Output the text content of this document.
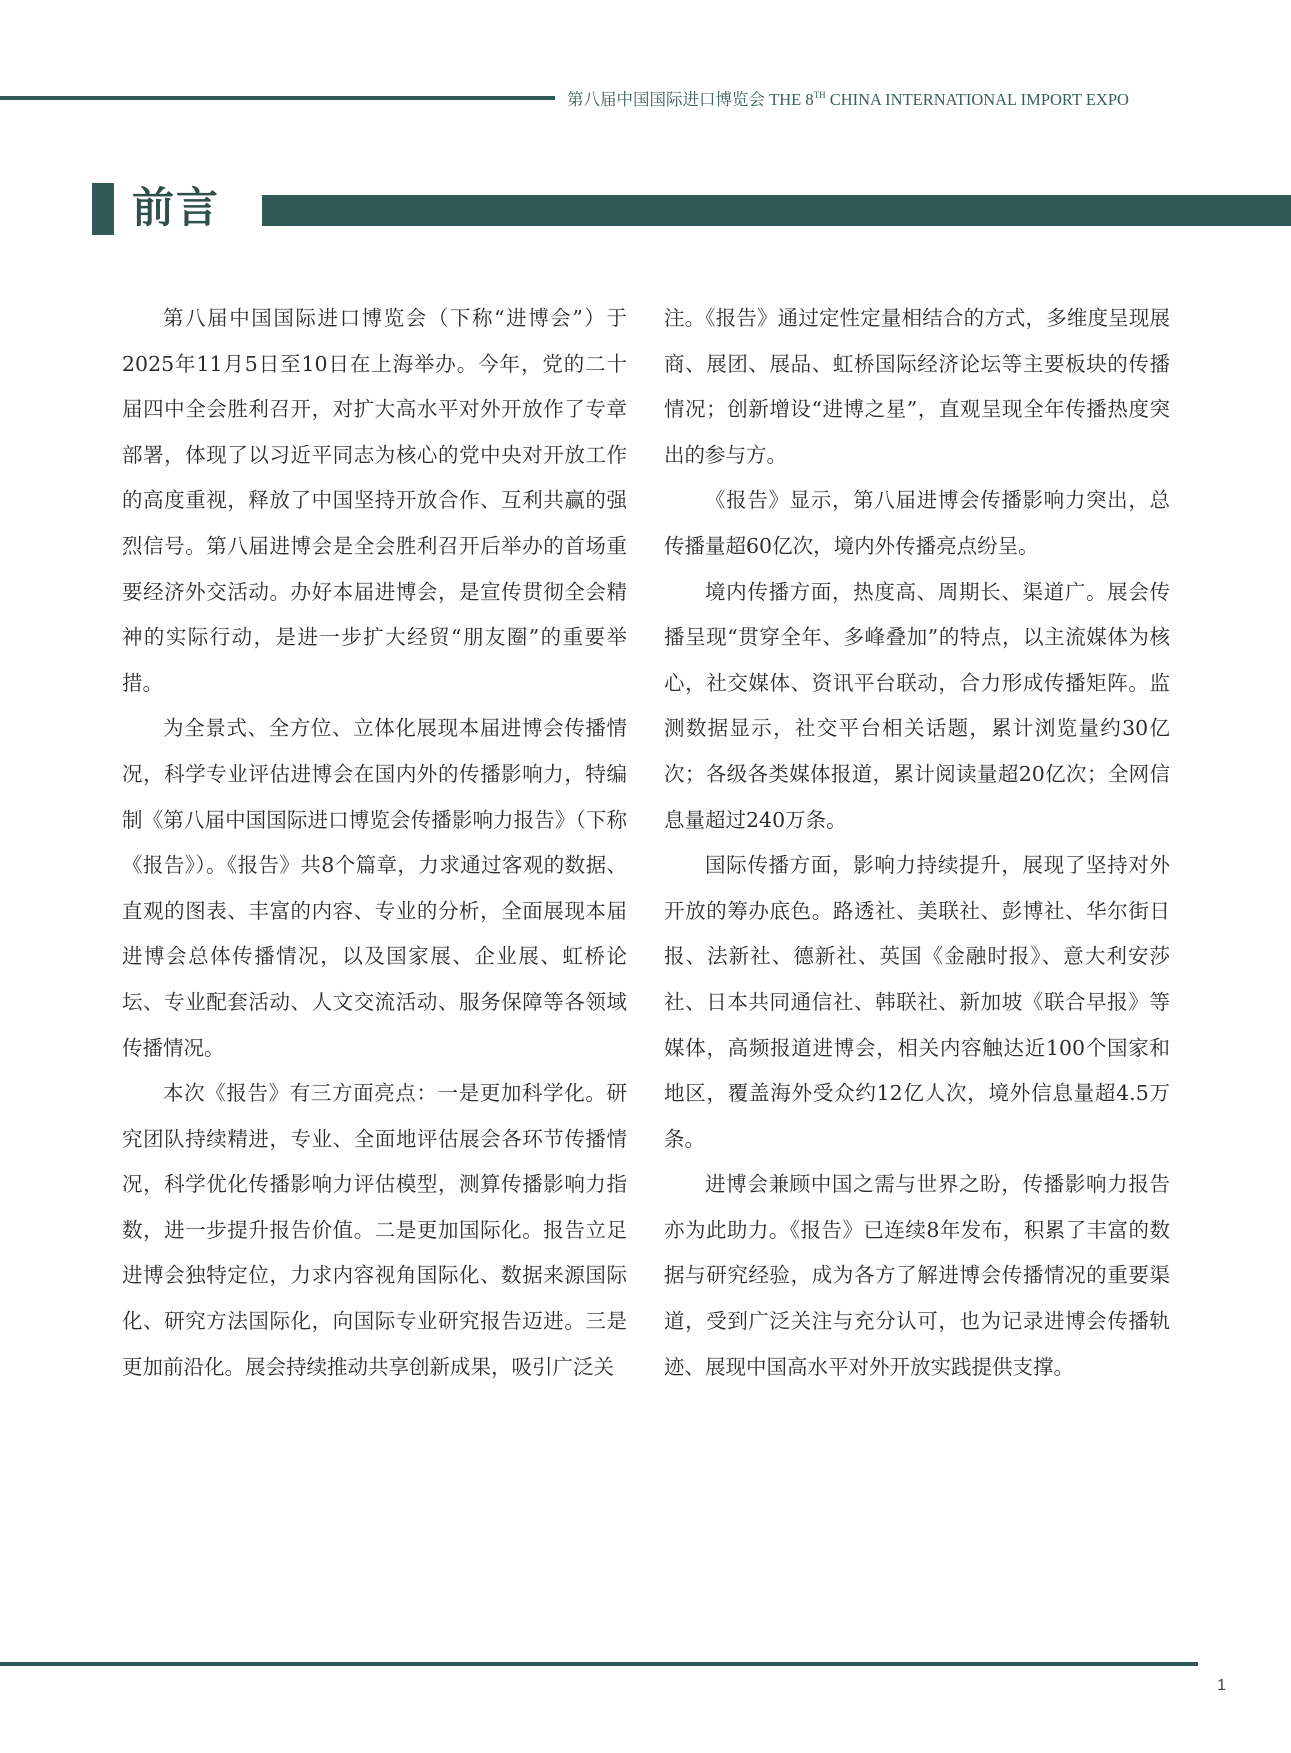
第八届中国国际进口博览会 THE 8TH CHINA INTERNATIONAL IMPORT EXPO
前言

第八届中国国际进口博览会（下称“进博会”）于2025年11月5日至10日在上海举办。今年，党的二十届四中全会胜利召开，对扩大高水平对外开放作了专章部署，体现了以习近平同志为核心的党中央对开放工作的高度重视，释放了中国坚持开放合作、互利共赢的强烈信号。第八届进博会是全会胜利召开后举办的首场重要经济外交活动。办好本届进博会，是宣传贯彻全会精神的实际行动，是进一步扩大经贸“朋友圈”的重要举措。

为全景式、全方位、立体化展现本届进博会传播情况，科学专业评估进博会在国内外的传播影响力，特编制《第八届中国国际进口博览会传播影响力报告》（下称《报告》）。《报告》共8个篇章，力求通过客观的数据、直观的图表、丰富的内容、专业的分析，全面展现本届进博会总体传播情况，以及国家展、企业展、虹桥论坛、专业配套活动、人文交流活动、服务保障等各领域传播情况。

本次《报告》有三方面亮点：一是更加科学化。研究团队持续精进，专业、全面地评估展会各环节传播情况，科学优化传播影响力评估模型，测算传播影响力指数，进一步提升报告价值。二是更加国际化。报告立足进博会独特定位，力求内容视角国际化、数据来源国际化、研究方法国际化，向国际专业研究报告迈进。三是更加前沿化。展会持续推动共享创新成果，吸引广泛关

注。《报告》通过定性定量相结合的方式，多维度呈现展商、展团、展品、虹桥国际经济论坛等主要板块的传播情况；创新增设“进博之星”，直观呈现全年传播热度突出的参与方。

《报告》显示，第八届进博会传播影响力突出，总传播量超60亿次，境内外传播亮点纷呈。

境内传播方面，热度高、周期长、渠道广。展会传播呈现“贯穿全年、多峰叠加”的特点，以主流媒体为核心，社交媒体、资讯平台联动，合力形成传播矩阵。监测数据显示，社交平台相关话题，累计浏览量约30亿次；各级各类媒体报道，累计阅读量超20亿次；全网信息量超过240万条。

国际传播方面，影响力持续提升，展现了坚持对外开放的筹办底色。路透社、美联社、彭博社、华尔街日报、法新社、德新社、英国《金融时报》、意大利安莎社、日本共同通信社、韩联社、新加坡《联合早报》等媒体，高频报道进博会，相关内容触达近100个国家和地区，覆盖海外受众约12亿人次，境外信息量超4.5万条。

进博会兼顾中国之需与世界之盼，传播影响力报告亦为此助力。《报告》已连续8年发布，积累了丰富的数据与研究经验，成为各方了解进博会传播情况的重要渠道，受到广泛关注与充分认可，也为记录进博会传播轨迹、展现中国高水平对外开放实践提供支撑。

1
